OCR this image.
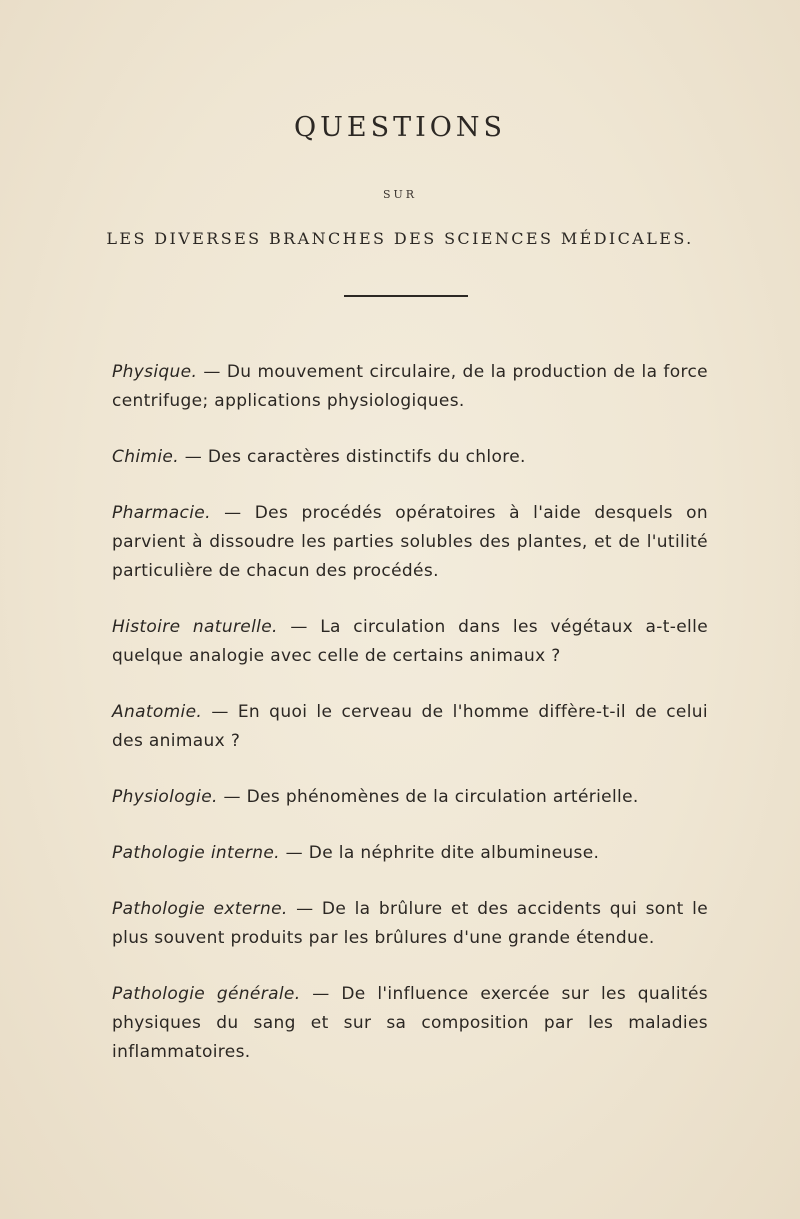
QUESTIONS
SUR
LES DIVERSES BRANCHES DES SCIENCES MÉDICALES.

Physique. — Du mouvement circulaire, de la production de la force centrifuge; applications physiologiques.

Chimie. — Des caractères distinctifs du chlore.

Pharmacie. — Des procédés opératoires à l'aide desquels on parvient à dissoudre les parties solubles des plantes, et de l'utilité particulière de chacun des procédés.

Histoire naturelle. — La circulation dans les végétaux a-t-elle quelque analogie avec celle de certains animaux ?

Anatomie. — En quoi le cerveau de l'homme diffère-t-il de celui des animaux ?

Physiologie. — Des phénomènes de la circulation artérielle.

Pathologie interne. — De la néphrite dite albumineuse.

Pathologie externe. — De la brûlure et des accidents qui sont le plus souvent produits par les brûlures d'une grande étendue.

Pathologie générale. — De l'influence exercée sur les qualités physiques du sang et sur sa composition par les maladies inflammatoires.
